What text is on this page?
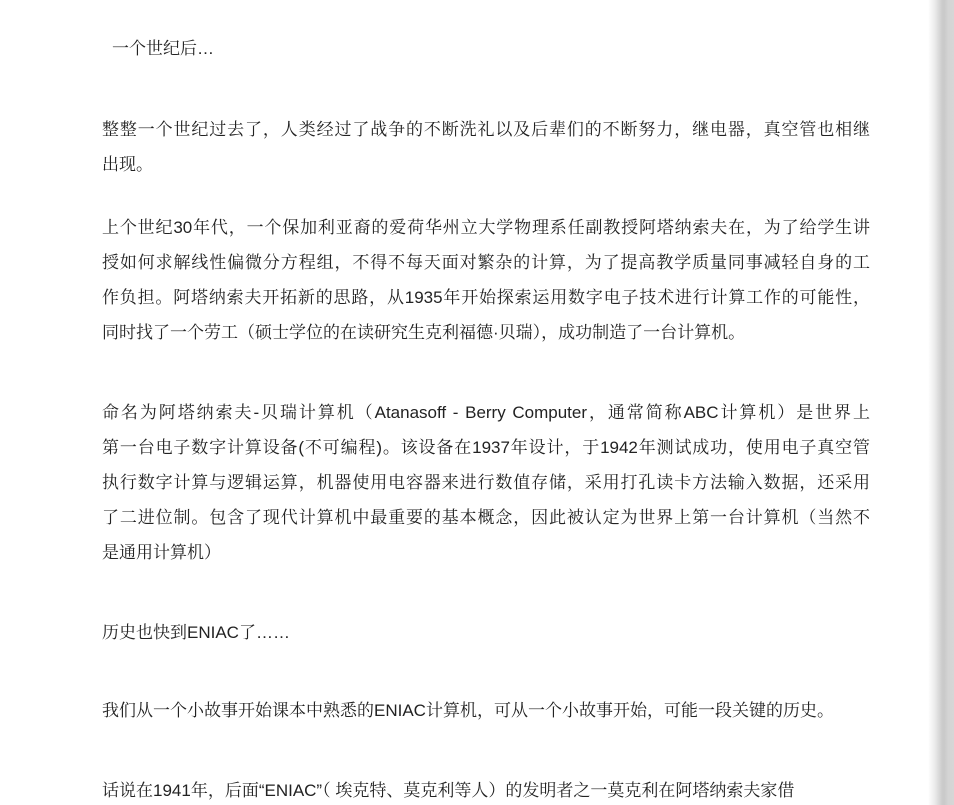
一个世纪后…
整整一个世纪过去了，人类经过了战争的不断洗礼以及后辈们的不断努力，继电器，真空管也相继
出现。
上个世纪30年代，一个保加利亚裔的爱荷华州立大学物理系任副教授阿塔纳索夫在，为了给学生讲
授如何求解线性偏微分方程组，不得不每天面对繁杂的计算，为了提高教学质量同事减轻自身的工
作负担。阿塔纳索夫开拓新的思路，从1935年开始探索运用数字电子技术进行计算工作的可能性，
同时找了一个劳工（硕士学位的在读研究生克利福德·贝瑞），成功制造了一台计算机。
命名为阿塔纳索夫-贝瑞计算机（Atanasoff - Berry Computer，通常简称ABC计算机）是世界上
第一台电子数字计算设备(不可编程)。该设备在1937年设计，于1942年测试成功，使用电子真空管
执行数字计算与逻辑运算，机器使用电容器来进行数值存储，采用打孔读卡方法输入数据，还采用
了二进位制。包含了现代计算机中最重要的基本概念，因此被认定为世界上第一台计算机（当然不
是通用计算机）
历史也快到ENIAC了……
我们从一个小故事开始课本中熟悉的ENIAC计算机，可从一个小故事开始，可能一段关键的历史。
话说在1941年，后面“ENIAC”（ 埃克特、莫克利等人）的发明者之一莫克利在阿塔纳索夫家借
